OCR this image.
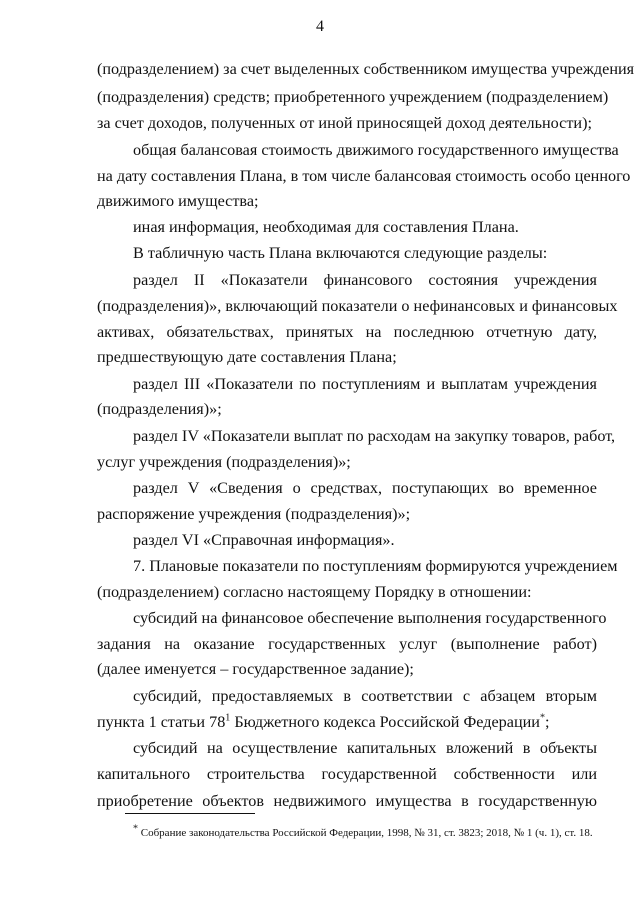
4
(подразделением) за счет выделенных собственником имущества учреждения
(подразделения) средств; приобретенного учреждением (подразделением)
за счет доходов, полученных от иной приносящей доход деятельности);
общая балансовая стоимость движимого государственного имущества
на дату составления Плана, в том числе балансовая стоимость особо ценного
движимого имущества;
иная информация, необходимая для составления Плана.
В табличную часть Плана включаются следующие разделы:
раздел II «Показатели финансового состояния учреждения
(подразделения)», включающий показатели о нефинансовых и финансовых
активах, обязательствах, принятых на последнюю отчетную дату,
предшествующую дате составления Плана;
раздел III «Показатели по поступлениям и выплатам учреждения
(подразделения)»;
раздел IV «Показатели выплат по расходам на закупку товаров, работ,
услуг учреждения (подразделения)»;
раздел V «Сведения о средствах, поступающих во временное
распоряжение учреждения (подразделения)»;
раздел VI «Справочная информация».
7. Плановые показатели по поступлениям формируются учреждением
(подразделением) согласно настоящему Порядку в отношении:
субсидий на финансовое обеспечение выполнения государственного
задания на оказание государственных услуг (выполнение работ)
(далее именуется – государственное задание);
субсидий, предоставляемых в соответствии с абзацем вторым
пункта 1 статьи $78^1$ Бюджетного кодекса Российской Федерации*;
субсидий на осуществление капитальных вложений в объекты
капитального строительства государственной собственности или
приобретение объектов недвижимого имущества в государственную
* Собрание законодательства Российской Федерации, 1998, № 31, ст. 3823; 2018, № 1 (ч. 1), ст. 18.
